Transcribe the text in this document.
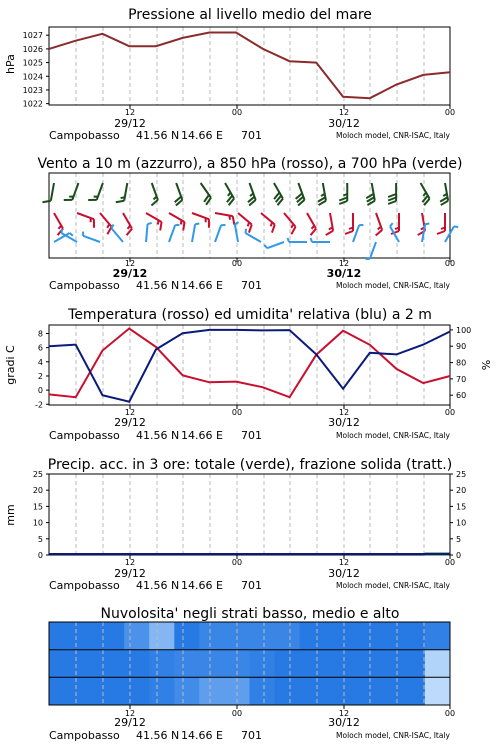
Pressione al livello medio del mare
hPa
1022
1023
1024
1025
1026
1027
12	00	12	00
29/12	30/12
Campobasso 41.56 N 14.66 E 701	Moloch model, CNR-ISAC, Italy
Vento a 10 m (azzurro), a 850 hPa (rosso), a 700 hPa (verde)
12	00	12	00
29/12	30/12
Campobasso 41.56 N 14.66 E 701	Moloch model, CNR-ISAC, Italy
Temperatura (rosso) ed umidita' relativa (blu) a 2 m
gradi C	%
-2
0
2
4
6
8
60
70
80
90
100
12	00	12	00
29/12	30/12
Campobasso 41.56 N 14.66 E 701	Moloch model, CNR-ISAC, Italy
Precip. acc. in 3 ore: totale (verde), frazione solida (tratt.)
mm
0
5
10
15
20
25
0
5
10
15
20
25
12	00	12	00
29/12	30/12
Campobasso 41.56 N 14.66 E 701	Moloch model, CNR-ISAC, Italy
Nuvolosita' negli strati basso, medio e alto
12	00	12	00
29/12	30/12
Campobasso 41.56 N 14.66 E 701	Moloch model, CNR-ISAC, Italy
